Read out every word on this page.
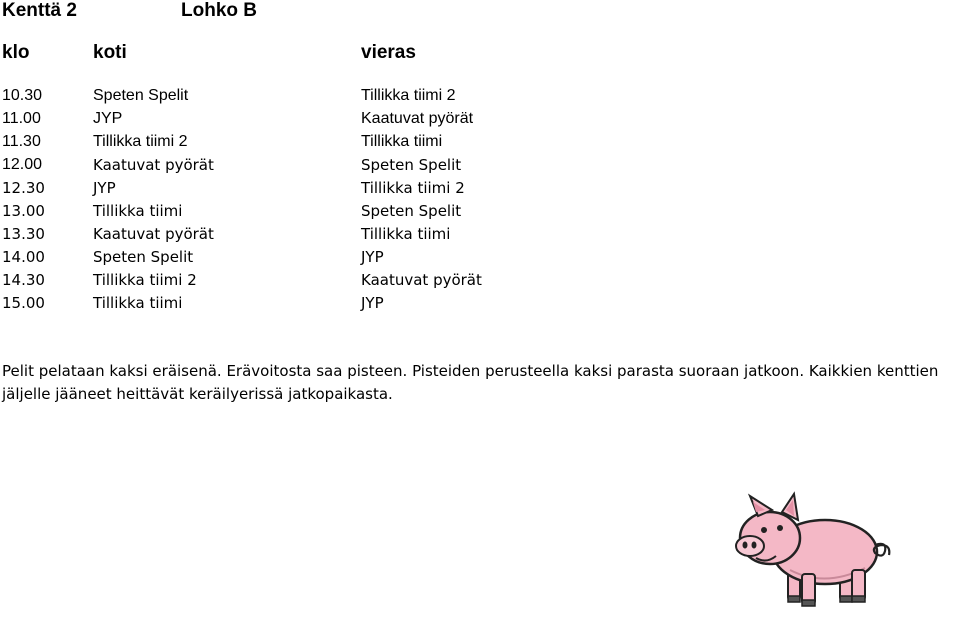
Kenttä 2	Lohko B
klo	koti	vieras
10.30	Speten Spelit	Tillikka tiimi 2
11.00	JYP	Kaatuvat pyörät
11.30	Tillikka tiimi 2	Tillikka tiimi
12.00	Kaatuvat pyörät	Speten Spelit
12.30	JYP	Tillikka tiimi 2
13.00	Tillikka tiimi	Speten Spelit
13.30	Kaatuvat pyörät	Tillikka tiimi
14.00	Speten Spelit	JYP
14.30	Tillikka tiimi 2	Kaatuvat pyörät
15.00	Tillikka tiimi	JYP
Pelit pelataan kaksi eräisenä. Erävoitosta saa pisteen. Pisteiden perusteella kaksi parasta suoraan jatkoon. Kaikkien kenttien
jäljelle jääneet heittävät keräilyerissä jatkopaikasta.
